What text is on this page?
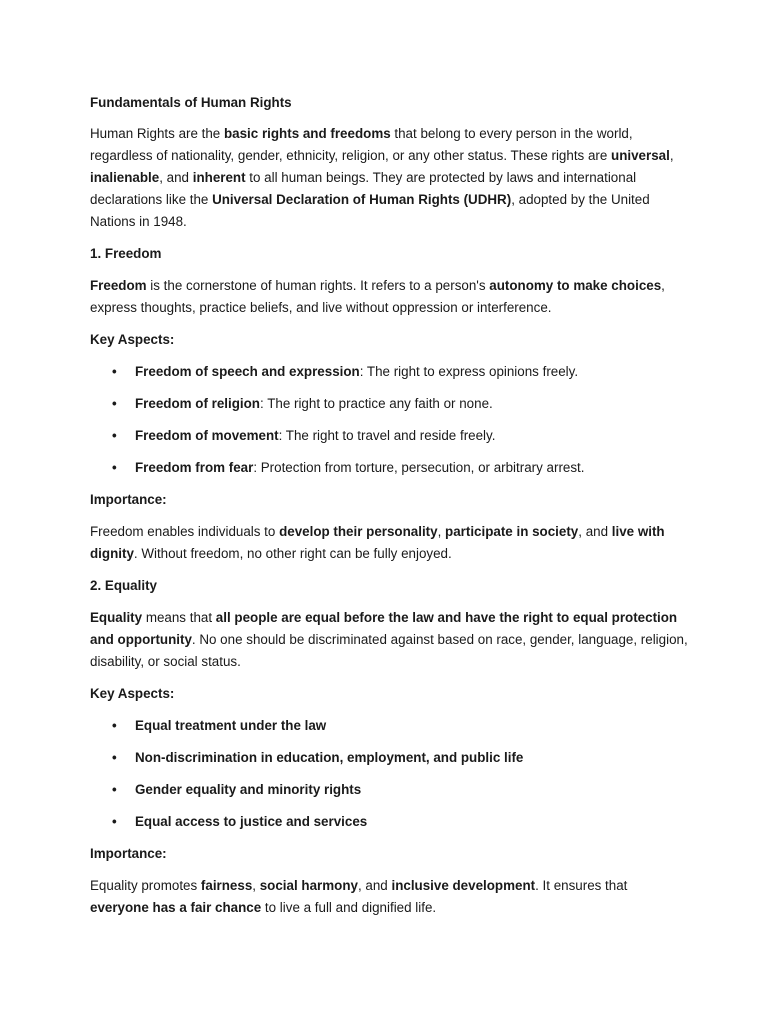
Fundamentals of Human Rights

Human Rights are the basic rights and freedoms that belong to every person in the world, regardless of nationality, gender, ethnicity, religion, or any other status. These rights are universal, inalienable, and inherent to all human beings. They are protected by laws and international declarations like the Universal Declaration of Human Rights (UDHR), adopted by the United Nations in 1948.

1. Freedom

Freedom is the cornerstone of human rights. It refers to a person's autonomy to make choices, express thoughts, practice beliefs, and live without oppression or interference.

Key Aspects:

• Freedom of speech and expression: The right to express opinions freely.
• Freedom of religion: The right to practice any faith or none.
• Freedom of movement: The right to travel and reside freely.
• Freedom from fear: Protection from torture, persecution, or arbitrary arrest.

Importance:

Freedom enables individuals to develop their personality, participate in society, and live with dignity. Without freedom, no other right can be fully enjoyed.

2. Equality

Equality means that all people are equal before the law and have the right to equal protection and opportunity. No one should be discriminated against based on race, gender, language, religion, disability, or social status.

Key Aspects:

• Equal treatment under the law
• Non-discrimination in education, employment, and public life
• Gender equality and minority rights
• Equal access to justice and services

Importance:

Equality promotes fairness, social harmony, and inclusive development. It ensures that everyone has a fair chance to live a full and dignified life.
